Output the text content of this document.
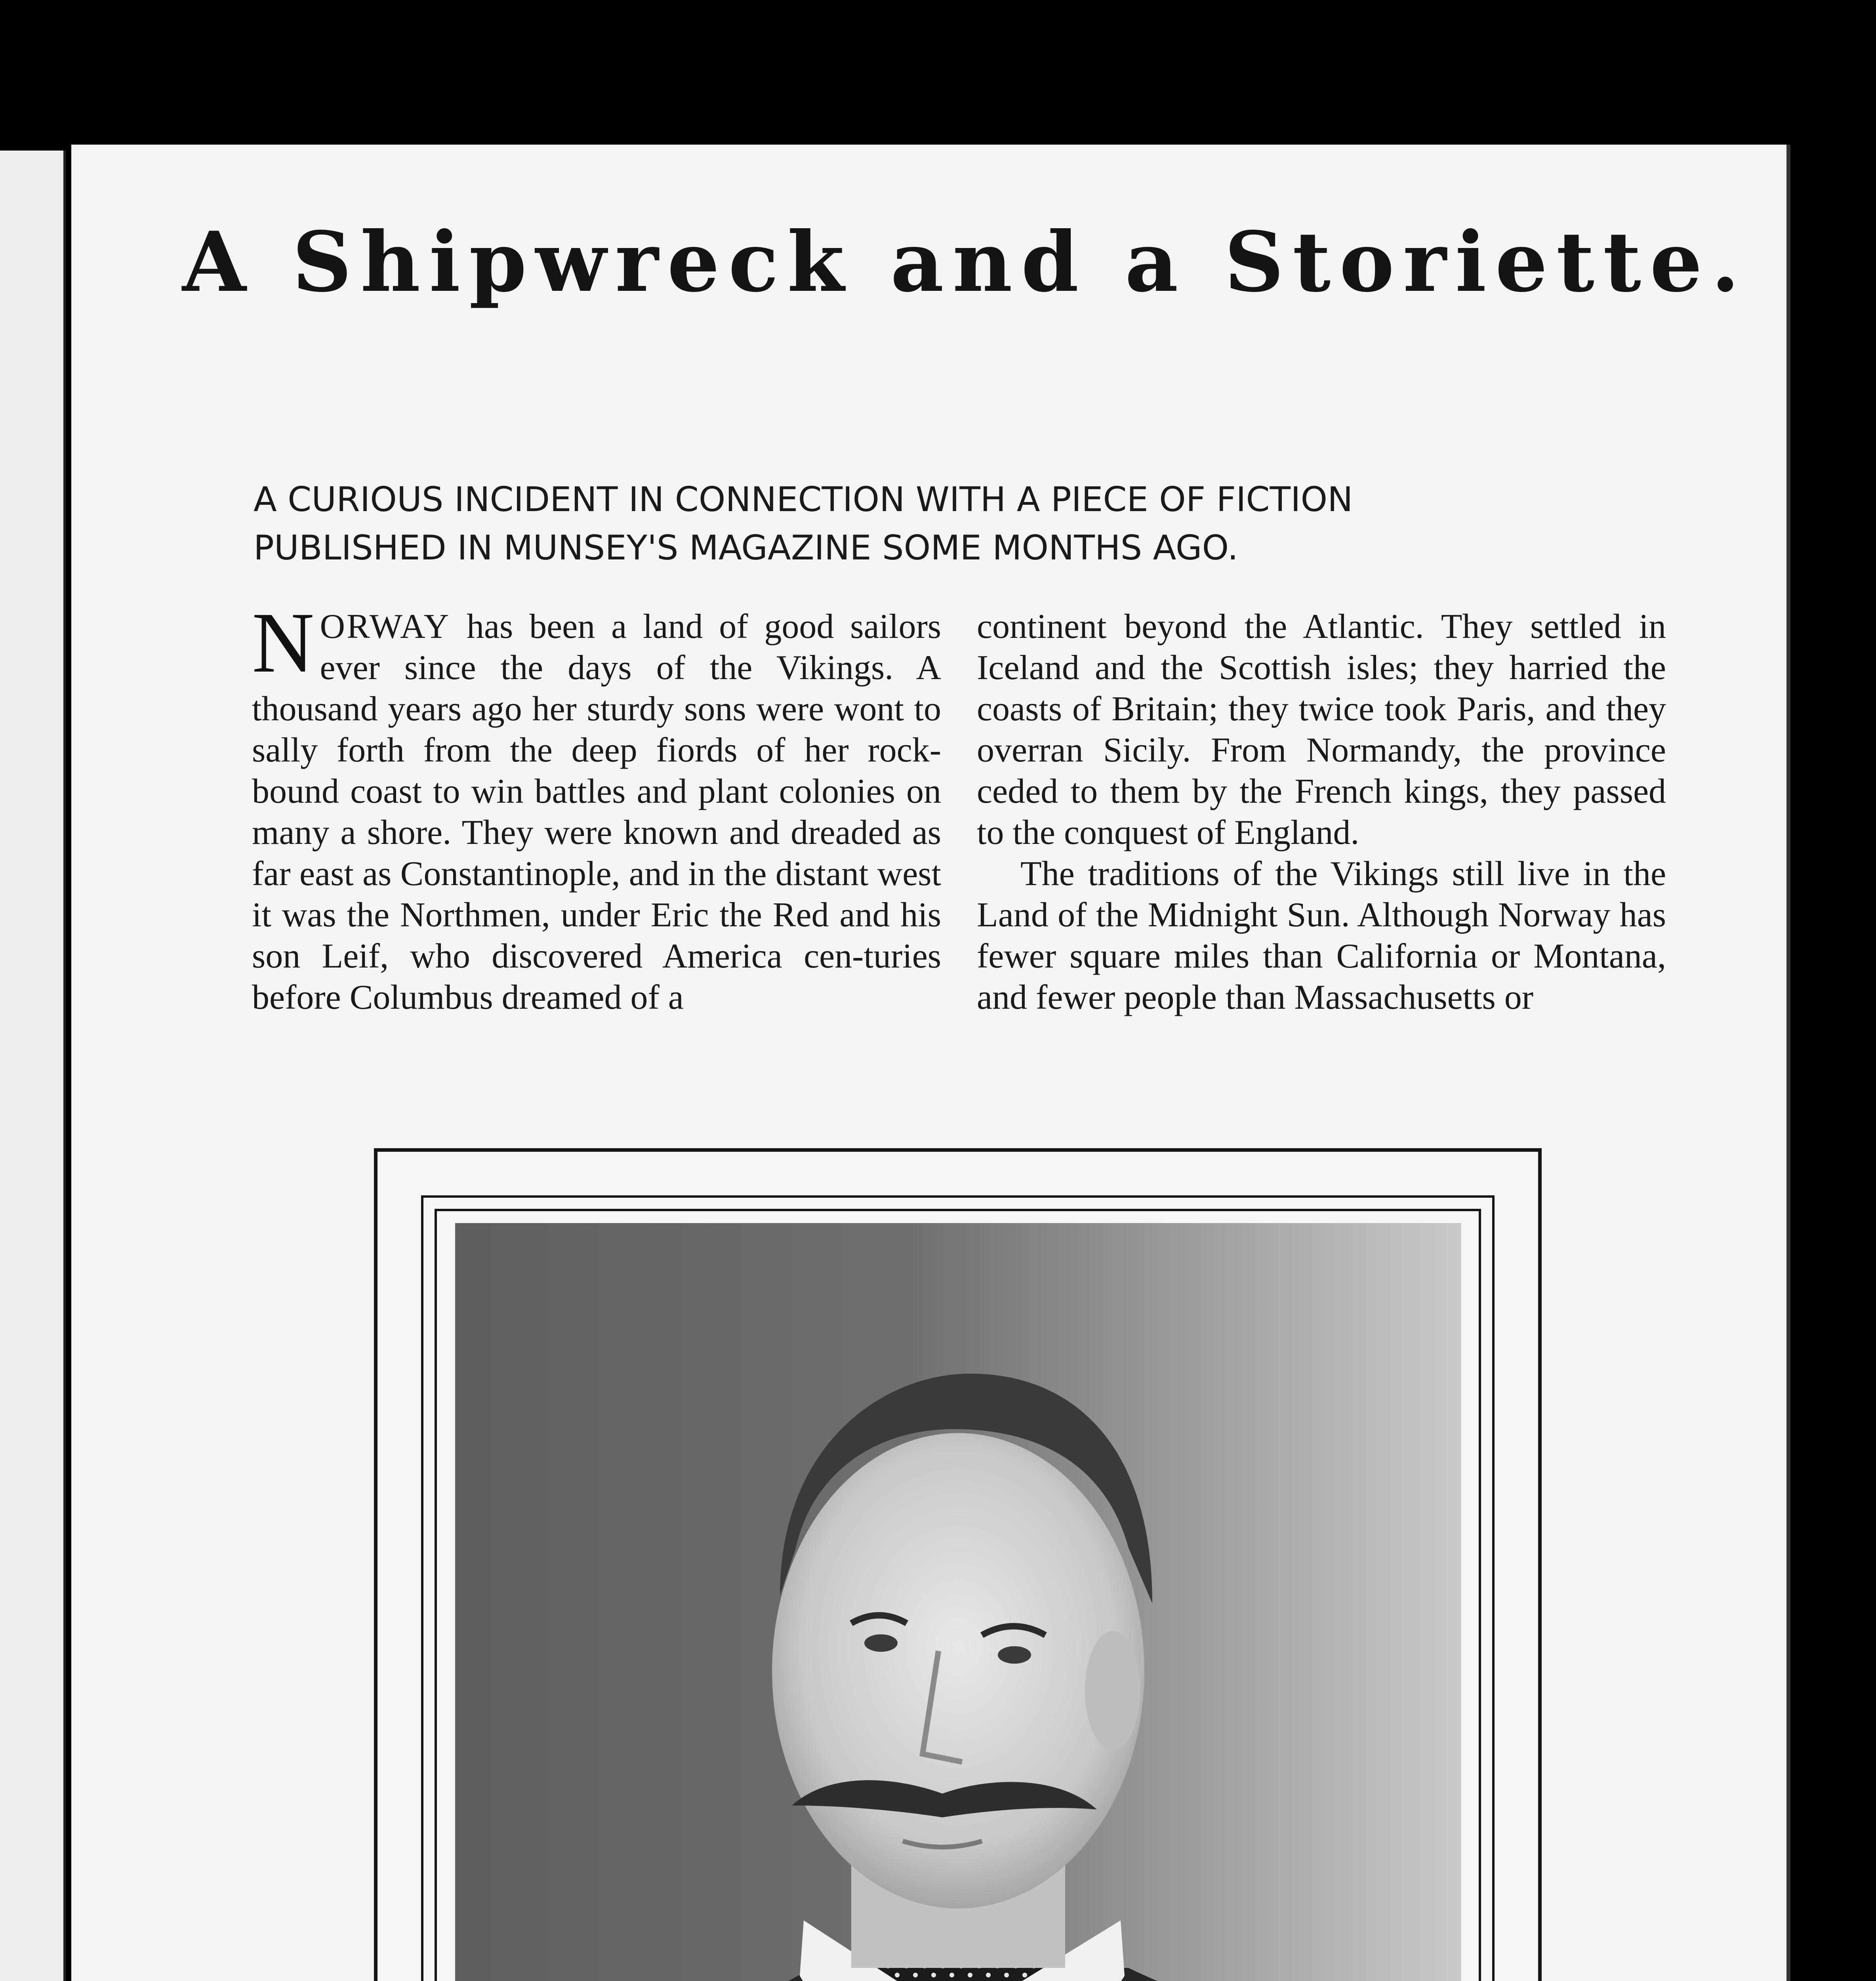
A Shipwreck and a Storiette.
A CURIOUS INCIDENT IN CONNECTION WITH A PIECE OF FICTION
PUBLISHED IN MUNSEY'S MAGAZINE SOME MONTHS AGO.

NORWAY has been a land of good sailors ever since the days of the Vikings. A thousand years ago her sturdy sons were wont to sally forth from the deep fiords of her rock-bound coast to win battles and plant colonies on many a shore. They were known and dreaded as far east as Constantinople, and in the distant west it was the Northmen, under Eric the Red and his son Leif, who discovered America cen-turies before Columbus dreamed of a

continent beyond the Atlantic. They settled in Iceland and the Scottish isles; they harried the coasts of Britain; they twice took Paris, and they overran Sicily. From Normandy, the province ceded to them by the French kings, they passed to the conquest of England.

The traditions of the Vikings still live in the Land of the Midnight Sun. Although Norway has fewer square miles than California or Montana, and fewer people than Massachusetts or
